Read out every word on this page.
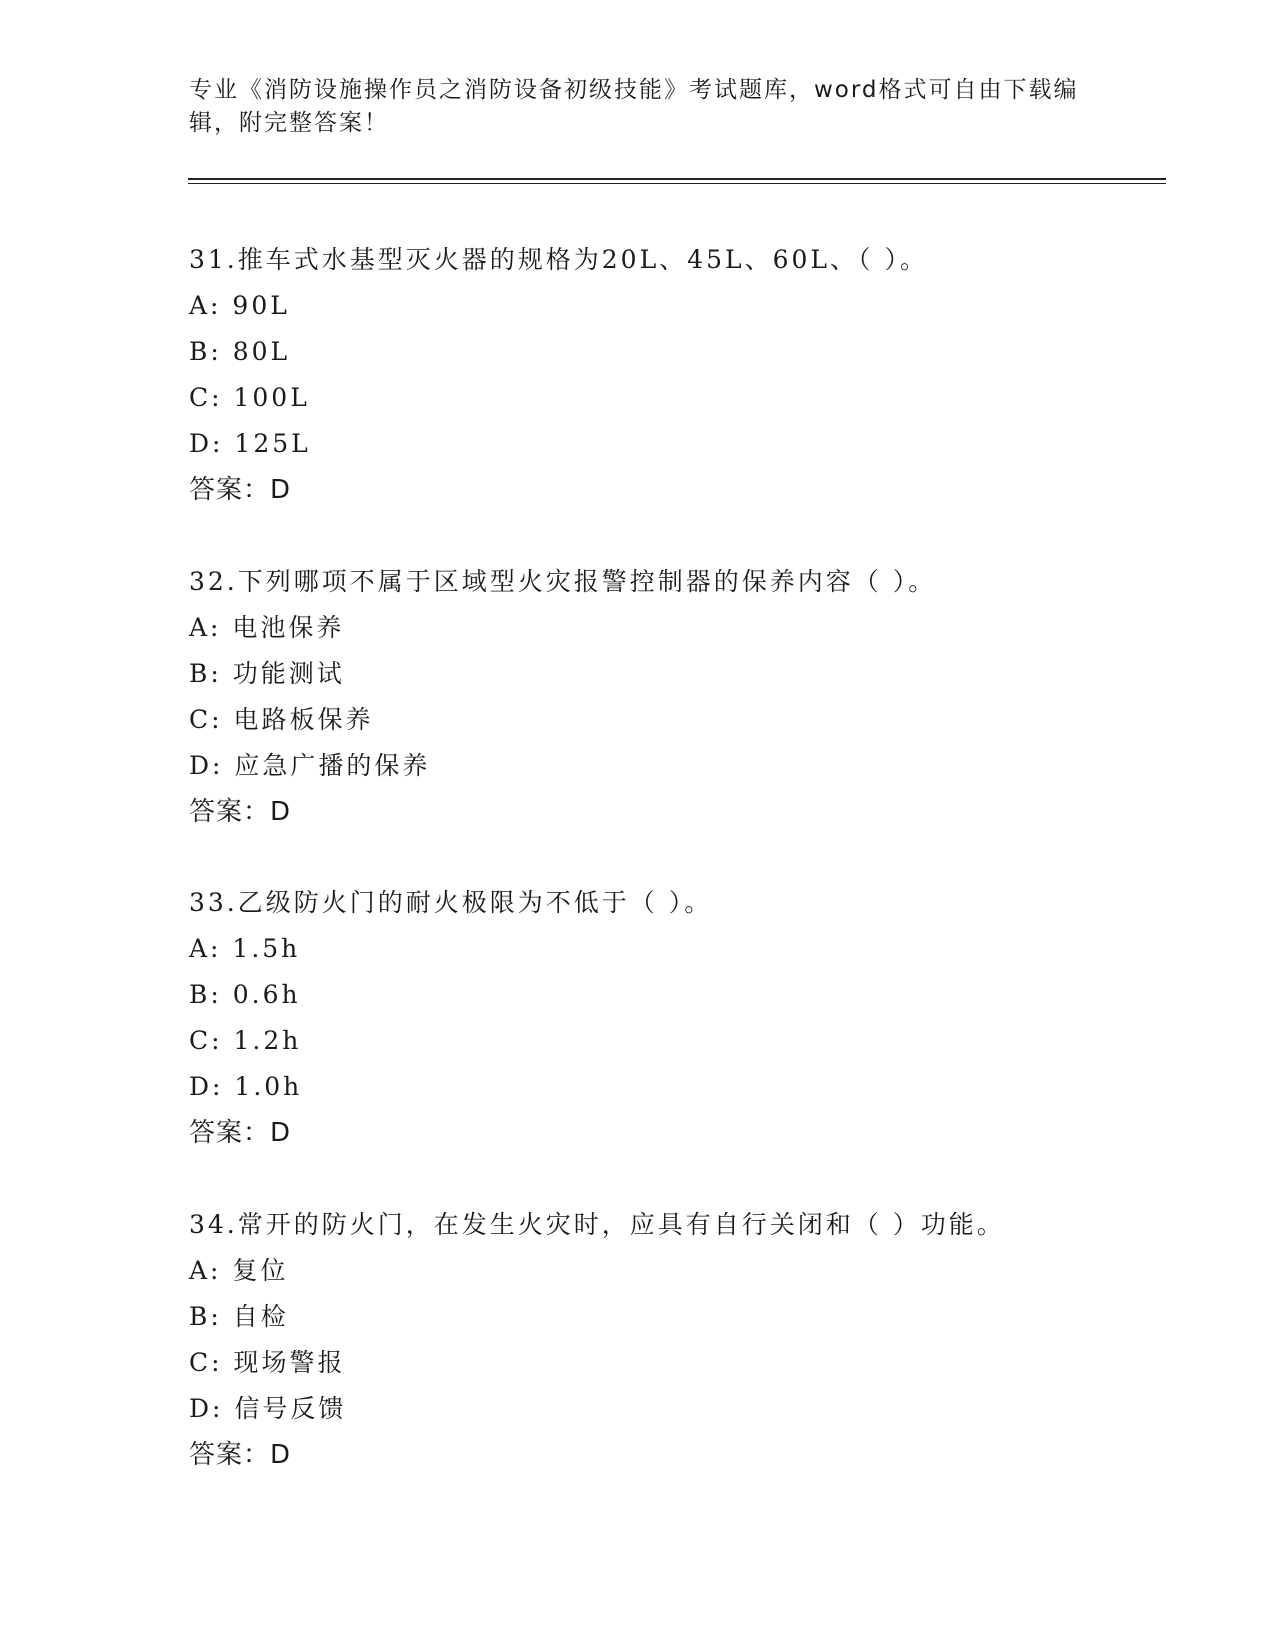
专业《消防设施操作员之消防设备初级技能》考试题库，word格式可自由下载编辑，附完整答案！
31.推车式水基型灭火器的规格为20L、45L、60L、（ ）。
A: 90L
B: 80L
C: 100L
D: 125L
答案：D
32.下列哪项不属于区域型火灾报警控制器的保养内容（ ）。
A: 电池保养
B: 功能测试
C: 电路板保养
D: 应急广播的保养
答案：D
33.乙级防火门的耐火极限为不低于（ ）。
A: 1.5h
B: 0.6h
C: 1.2h
D: 1.0h
答案：D
34.常开的防火门，在发生火灾时，应具有自行关闭和（ ）功能。
A: 复位
B: 自检
C: 现场警报
D: 信号反馈
答案：D
